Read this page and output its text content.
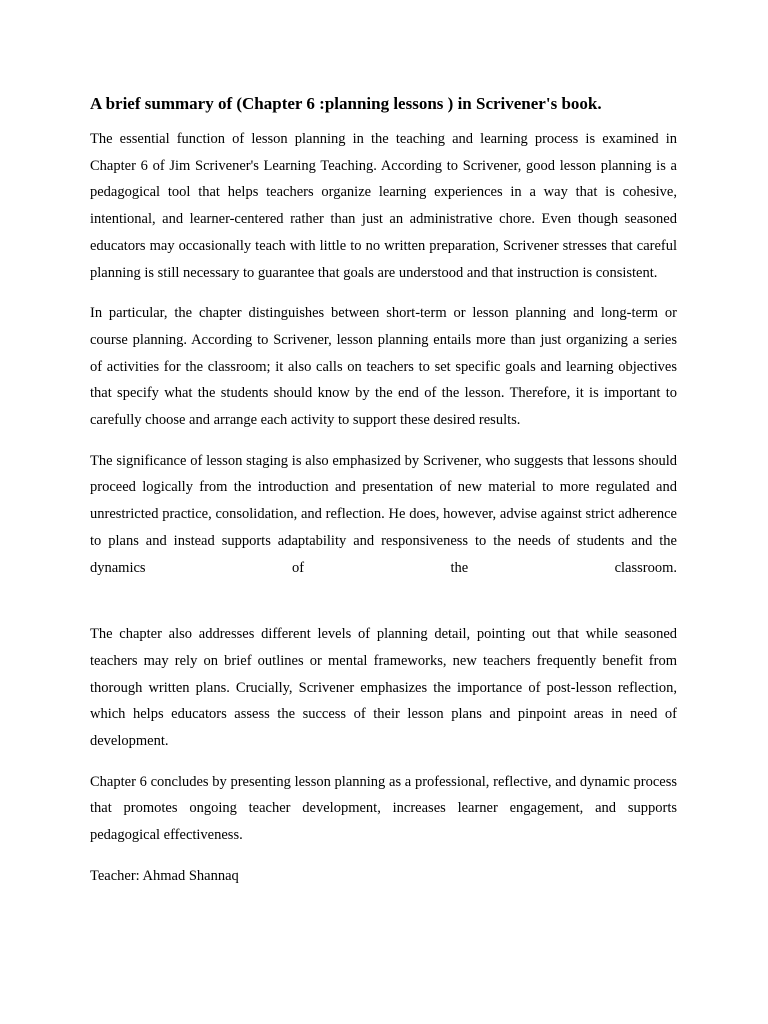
A brief summary of (Chapter 6 :planning lessons ) in Scrivener's book.

The essential function of lesson planning in the teaching and learning process is examined in Chapter 6 of Jim Scrivener's Learning Teaching. According to Scrivener, good lesson planning is a pedagogical tool that helps teachers organize learning experiences in a way that is cohesive, intentional, and learner-centered rather than just an administrative chore. Even though seasoned educators may occasionally teach with little to no written preparation, Scrivener stresses that careful planning is still necessary to guarantee that goals are understood and that instruction is consistent.

In particular, the chapter distinguishes between short-term or lesson planning and long-term or course planning. According to Scrivener, lesson planning entails more than just organizing a series of activities for the classroom; it also calls on teachers to set specific goals and learning objectives that specify what the students should know by the end of the lesson. Therefore, it is important to carefully choose and arrange each activity to support these desired results.

The significance of lesson staging is also emphasized by Scrivener, who suggests that lessons should proceed logically from the introduction and presentation of new material to more regulated and unrestricted practice, consolidation, and reflection. He does, however, advise against strict adherence to plans and instead supports adaptability and responsiveness to the needs of students and the dynamics of the classroom.

The chapter also addresses different levels of planning detail, pointing out that while seasoned teachers may rely on brief outlines or mental frameworks, new teachers frequently benefit from thorough written plans. Crucially, Scrivener emphasizes the importance of post-lesson reflection, which helps educators assess the success of their lesson plans and pinpoint areas in need of development.

Chapter 6 concludes by presenting lesson planning as a professional, reflective, and dynamic process that promotes ongoing teacher development, increases learner engagement, and supports pedagogical effectiveness.

Teacher: Ahmad Shannaq
